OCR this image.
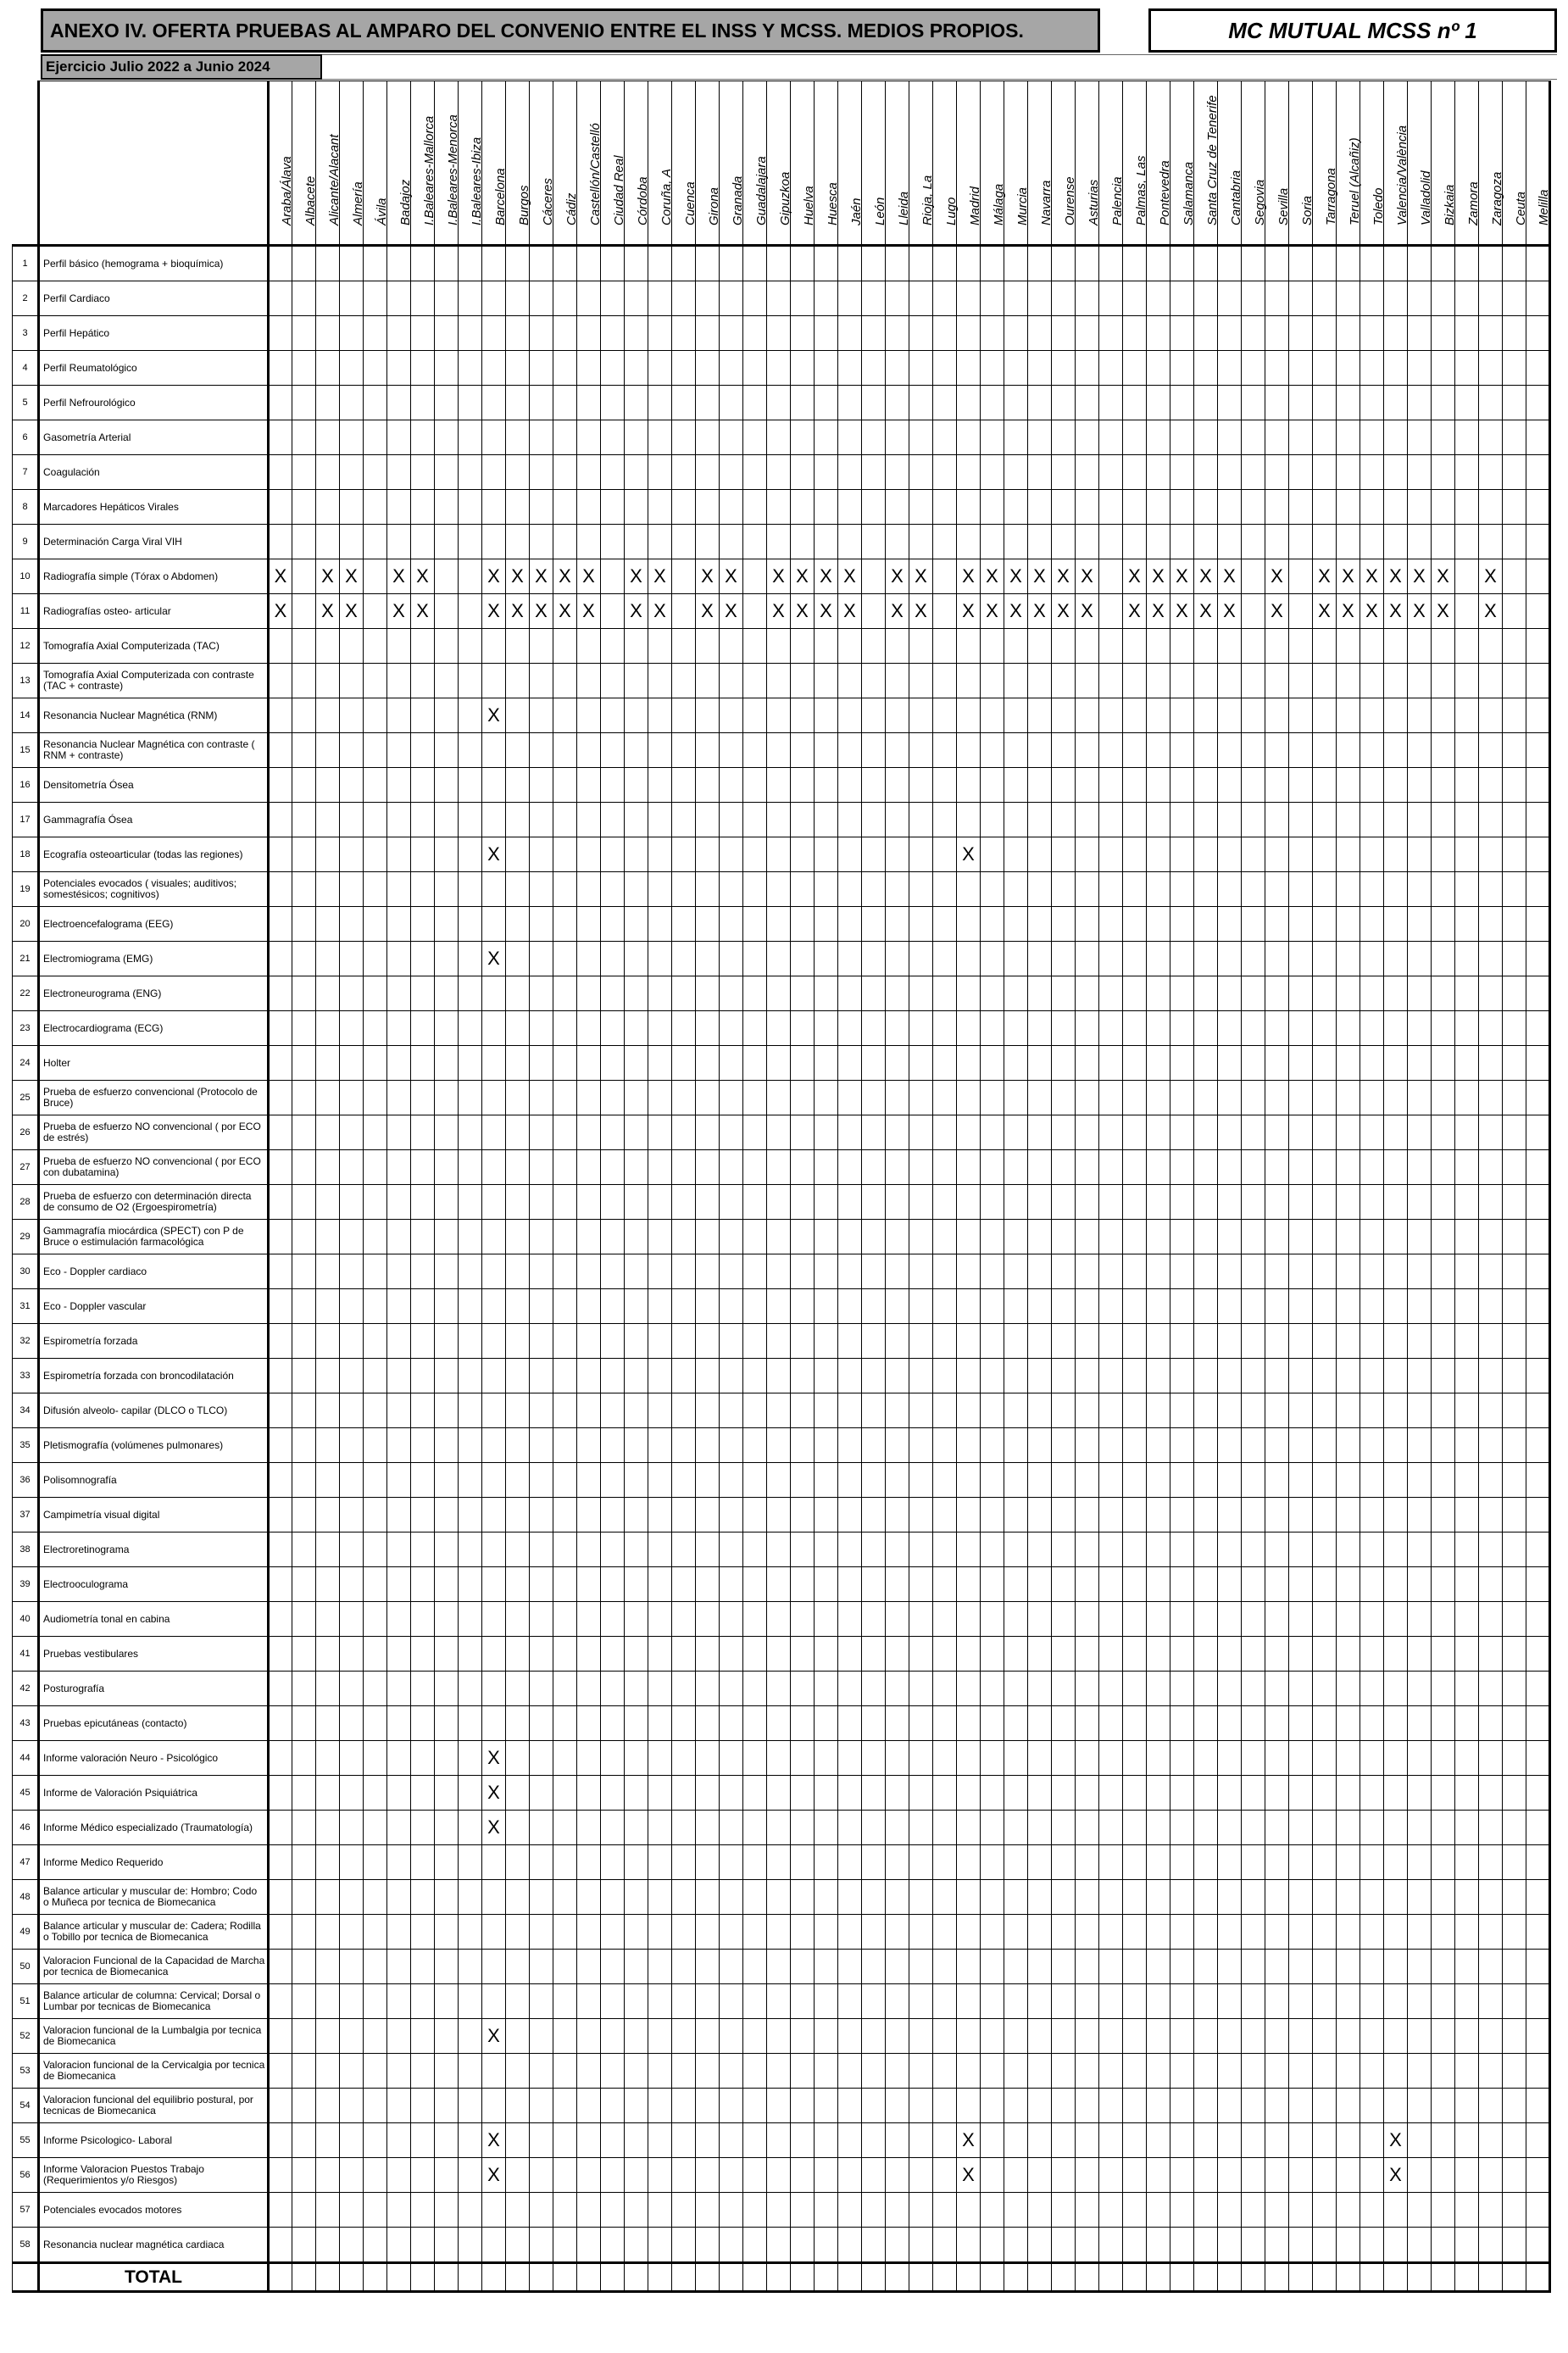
ANEXO IV. OFERTA PRUEBAS AL AMPARO DEL CONVENIO ENTRE EL INSS Y MCSS. MEDIOS PROPIOS.	MC MUTUAL MCSS nº 1
Ejercicio Julio 2022 a Junio 2024

		Araba/Álava	Albacete	Alicante/Alacant	Almería	Ávila	Badajoz	I.Baleares-Mallorca	I.Baleares-Menorca	I.Baleares-Ibiza	Barcelona	Burgos	Cáceres	Cádiz	Castellón/Castelló	Ciudad Real	Córdoba	Coruña, A	Cuenca	Girona	Granada	Guadalajara	Gipuzkoa	Huelva	Huesca	Jaén	León	Lleida	Rioja, La	Lugo	Madrid	Málaga	Murcia	Navarra	Ourense	Asturias	Palencia	Palmas, Las	Pontevedra	Salamanca	Santa Cruz de Tenerife	Cantabria	Segovia	Sevilla	Soria	Tarragona	Teruel (Alcañiz)	Toledo	Valencia/València	Valladolid	Bizkaia	Zamora	Zaragoza	Ceuta	Melilla

1	Perfil básico (hemograma + bioquímica)																																																						
2	Perfil Cardiaco																																																						
3	Perfil Hepático																																																						
4	Perfil Reumatológico																																																						
5	Perfil Nefrourológico																																																						
6	Gasometría Arterial																																																						
7	Coagulación																																																						
8	Marcadores Hepáticos Virales																																																						
9	Determinación Carga Viral VIH																																																						
10	Radiografía simple (Tórax o Abdomen)	X		X	X		X	X			X	X	X	X	X		X	X		X	X		X	X	X	X		X	X		X	X	X	X	X	X		X	X	X	X	X		X		X	X	X	X	X	X		X		
11	Radiografías osteo- articular	X		X	X		X	X			X	X	X	X	X		X	X		X	X		X	X	X	X		X	X		X	X	X	X	X	X		X	X	X	X	X		X		X	X	X	X	X	X		X		
12	Tomografía Axial Computerizada (TAC)																																																						
13	Tomografía Axial Computerizada con contraste (TAC + contraste)																																																						
14	Resonancia Nuclear Magnética (RNM)										X																																												
15	Resonancia Nuclear Magnética con contraste ( RNM + contraste)																																																						
16	Densitometría Ósea																																																						
17	Gammagrafía Ósea																																																						
18	Ecografía osteoarticular (todas las regiones)										X																				X																								
19	Potenciales evocados ( visuales; auditivos; somestésicos; cognitivos)																																																						
20	Electroencefalograma (EEG)																																																						
21	Electromiograma (EMG)										X																																												
22	Electroneurograma (ENG)																																																						
23	Electrocardiograma (ECG)																																																						
24	Holter																																																						
25	Prueba de esfuerzo convencional (Protocolo de Bruce)																																																						
26	Prueba de esfuerzo NO convencional ( por ECO de estrés)																																																						
27	Prueba de esfuerzo NO convencional ( por ECO con dubatamina)																																																						
28	Prueba de esfuerzo con determinación directa de consumo de O2 (Ergoespirometría)																																																						
29	Gammagrafía miocárdica (SPECT) con P de Bruce o estimulación farmacológica																																																						
30	Eco - Doppler cardiaco																																																						
31	Eco - Doppler vascular																																																						
32	Espirometría forzada																																																						
33	Espirometría forzada con broncodilatación																																																						
34	Difusión alveolo- capilar (DLCO o TLCO)																																																						
35	Pletismografía (volúmenes pulmonares)																																																						
36	Polisomnografía																																																						
37	Campimetría visual digital																																																						
38	Electroretinograma																																																						
39	Electrooculograma																																																						
40	Audiometría tonal en cabina																																																						
41	Pruebas vestibulares																																																						
42	Posturografía																																																						
43	Pruebas epicutáneas (contacto)																																																						
44	Informe valoración Neuro - Psicológico										X																																												
45	Informe de Valoración Psiquiátrica										X																																												
46	Informe Médico especializado (Traumatología)										X																																												
47	Informe Medico Requerido																																																						
48	Balance articular y muscular de: Hombro; Codo o Muñeca por tecnica de Biomecanica																																																						
49	Balance articular y muscular de: Cadera; Rodilla o Tobillo por tecnica de Biomecanica																																																						
50	Valoracion Funcional de la Capacidad de Marcha por tecnica de Biomecanica																																																						
51	Balance articular de columna: Cervical; Dorsal o Lumbar por tecnicas de Biomecanica																																																						
52	Valoracion funcional de la Lumbalgia por tecnica de Biomecanica										X																																												
53	Valoracion funcional de la Cervicalgia por tecnica de Biomecanica																																																						
54	Valoracion funcional del equilibrio postural, por tecnicas de Biomecanica																																																						
55	Informe Psicologico- Laboral										X																				X																		X						
56	Informe Valoracion Puestos Trabajo (Requerimientos y/o Riesgos)										X																				X																		X						
57	Potenciales evocados motores																																																						
58	Resonancia nuclear magnética cardiaca																																																						
	TOTAL																																																						
